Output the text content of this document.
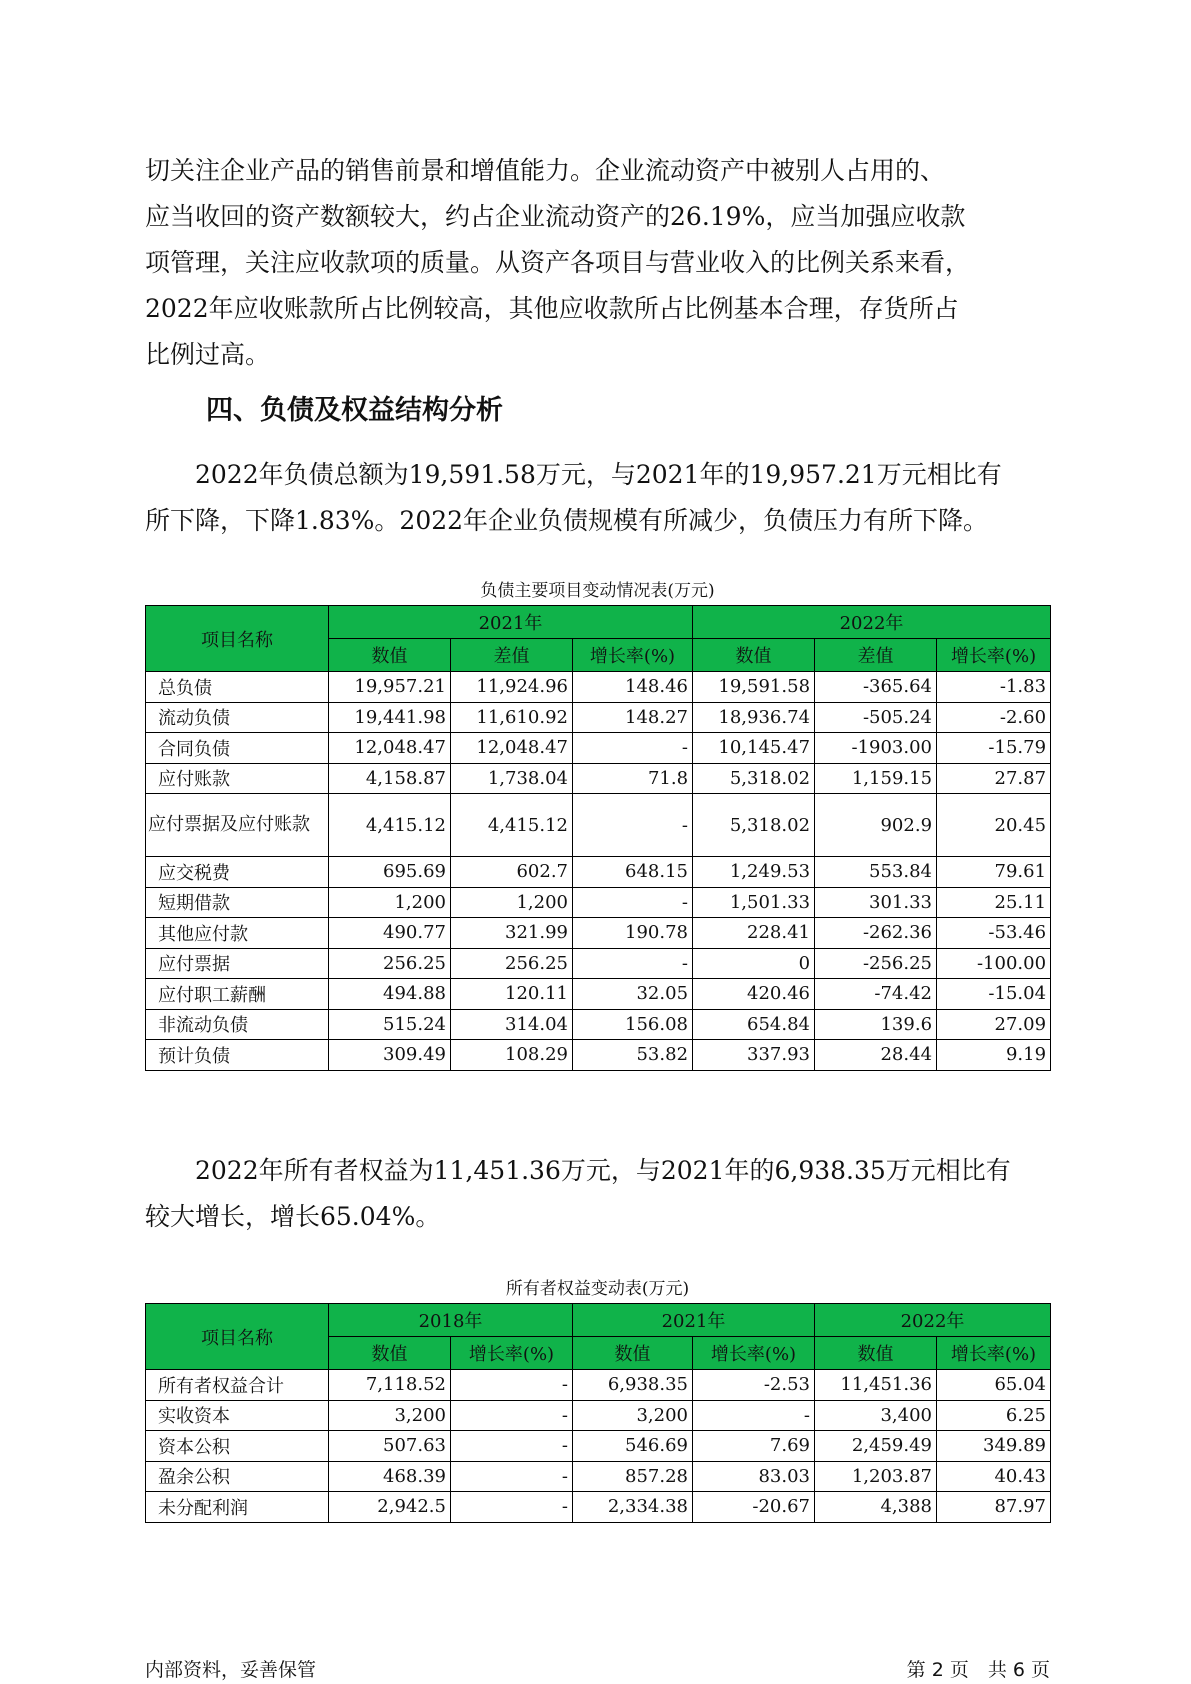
切关注企业产品的销售前景和增值能力。企业流动资产中被别人占用的、
应当收回的资产数额较大，约占企业流动资产的26.19%，应当加强应收款
项管理，关注应收款项的质量。从资产各项目与营业收入的比例关系来看，
2022年应收账款所占比例较高，其他应收款所占比例基本合理，存货所占
比例过高。
四、负债及权益结构分析
　　2022年负债总额为19,591.58万元，与2021年的19,957.21万元相比有
所下降，下降1.83%。2022年企业负债规模有所减少，负债压力有所下降。

负债主要项目变动情况表(万元)

项目名称	2021年			2022年		
	数值	差值	增长率(%)	数值	差值	增长率(%)
总负债	19,957.21	11,924.96	148.46	19,591.58	-365.64	-1.83
流动负债	19,441.98	11,610.92	148.27	18,936.74	-505.24	-2.60
合同负债	12,048.47	12,048.47	-	10,145.47	-1903.00	-15.79
应付账款	4,158.87	1,738.04	71.8	5,318.02	1,159.15	27.87
应付票据及应付账款	4,415.12	4,415.12	-	5,318.02	902.9	20.45
应交税费	695.69	602.7	648.15	1,249.53	553.84	79.61
短期借款	1,200	1,200	-	1,501.33	301.33	25.11
其他应付款	490.77	321.99	190.78	228.41	-262.36	-53.46
应付票据	256.25	256.25	-	0	-256.25	-100.00
应付职工薪酬	494.88	120.11	32.05	420.46	-74.42	-15.04
非流动负债	515.24	314.04	156.08	654.84	139.6	27.09
预计负债	309.49	108.29	53.82	337.93	28.44	9.19
　　2022年所有者权益为11,451.36万元，与2021年的6,938.35万元相比有
较大增长，增长65.04%。

所有者权益变动表(万元)

项目名称	2018年		2021年		2022年	
	数值	增长率(%)	数值	增长率(%)	数值	增长率(%)
所有者权益合计	7,118.52	-	6,938.35	-2.53	11,451.36	65.04
实收资本	3,200	-	3,200	-	3,400	6.25
资本公积	507.63	-	546.69	7.69	2,459.49	349.89
盈余公积	468.39	-	857.28	83.03	1,203.87	40.43
未分配利润	2,942.5	-	2,334.38	-20.67	4,388	87.97

内部资料，妥善保管	第 2 页　共 6 页
